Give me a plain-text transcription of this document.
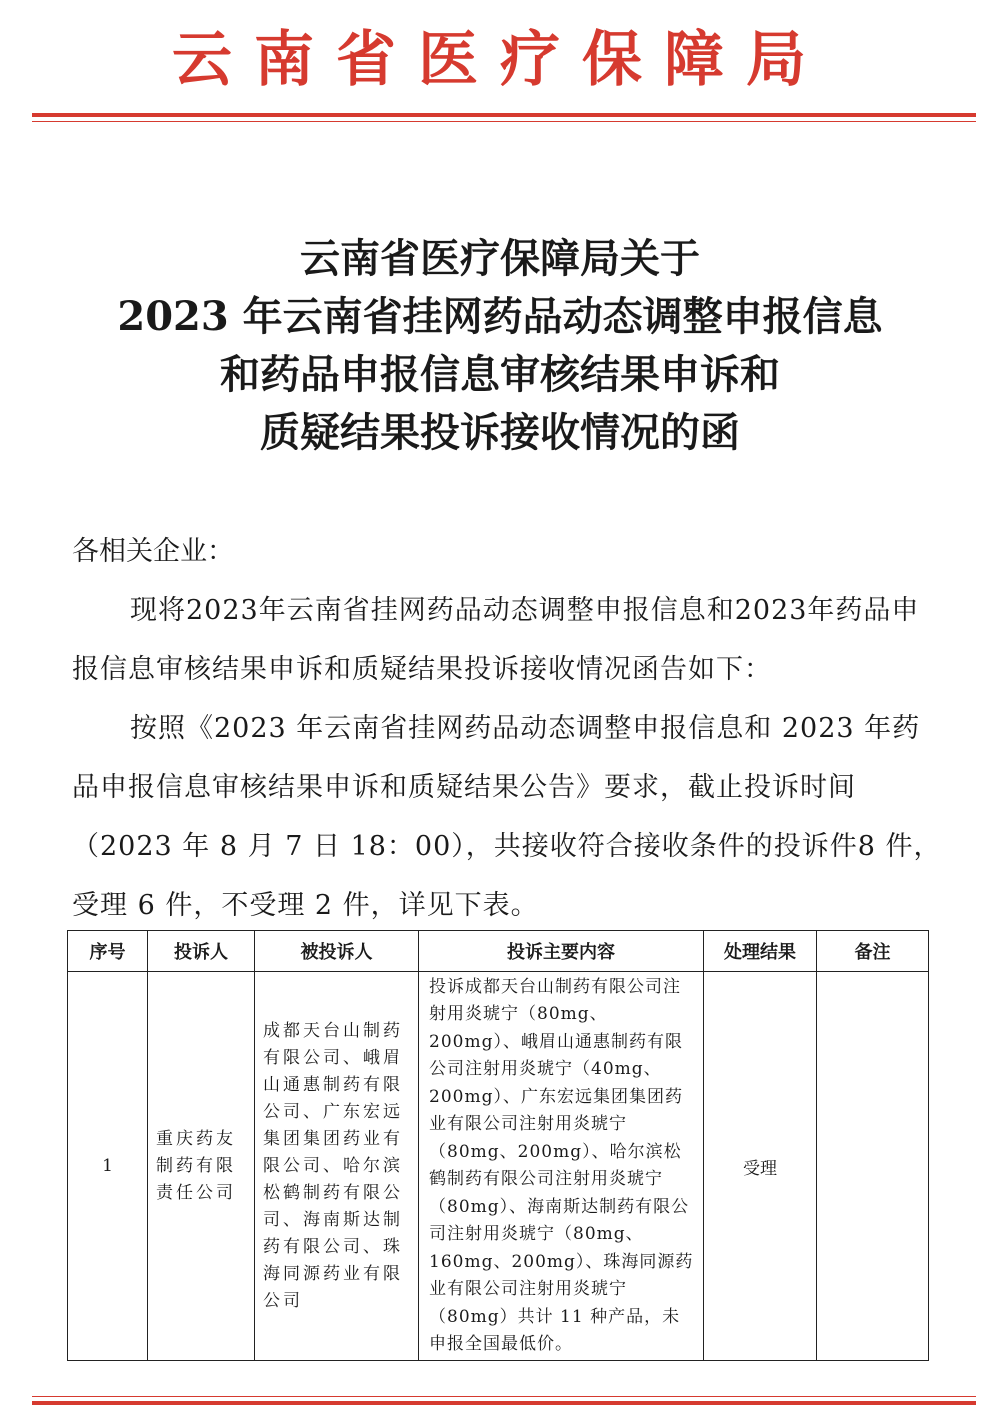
云南省医疗保障局
云南省医疗保障局关于
2023 年云南省挂网药品动态调整申报信息
和药品申报信息审核结果申诉和
质疑结果投诉接收情况的函
各相关企业：
现将2023年云南省挂网药品动态调整申报信息和2023年药品申报信息审核结果申诉和质疑结果投诉接收情况函告如下：
按照《2023 年云南省挂网药品动态调整申报信息和 2023 年药品申报信息审核结果申诉和质疑结果公告》要求，截止投诉时间（2023 年 8 月 7 日 18：00），共接收符合接收条件的投诉件8 件，受理 6 件，不受理 2 件，详见下表。
序号	投诉人	被投诉人	投诉主要内容	处理结果	备注
1	重庆药友制药有限责任公司	成都天台山制药有限公司、峨眉山通惠制药有限公司、广东宏远集团集团药业有限公司、哈尔滨松鹤制药有限公司、海南斯达制药有限公司、珠海同源药业有限公司	投诉成都天台山制药有限公司注射用炎琥宁（80mg、200mg）、峨眉山通惠制药有限公司注射用炎琥宁（40mg、200mg）、广东宏远集团集团药业有限公司注射用炎琥宁（80mg、200mg）、哈尔滨松鹤制药有限公司注射用炎琥宁（80mg）、海南斯达制药有限公司注射用炎琥宁（80mg、160mg、200mg）、珠海同源药业有限公司注射用炎琥宁（80mg）共计 11 种产品，未申报全国最低价。	受理	
